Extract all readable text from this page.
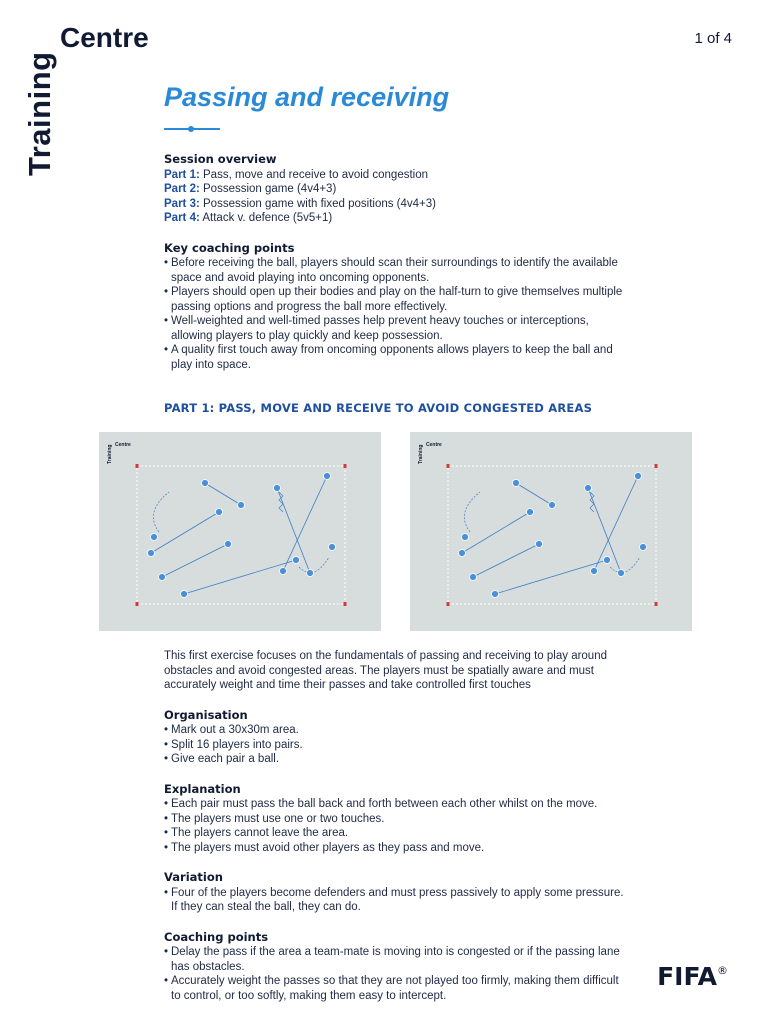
Training
Centre	1 of 4
Passing and receiving
Session overview
Part 1: Pass, move and receive to avoid congestion
Part 2: Possession game (4v4+3)
Part 3: Possession game with fixed positions (4v4+3)
Part 4: Attack v. defence (5v5+1)
Key coaching points
• Before receiving the ball, players should scan their surroundings to identify the available space and avoid playing into oncoming opponents.
• Players should open up their bodies and play on the half-turn to give themselves multiple passing options and progress the ball more effectively.
• Well-weighted and well-timed passes help prevent heavy touches or interceptions, allowing players to play quickly and keep possession.
• A quality first touch away from oncoming opponents allows players to keep the ball and play into space.
PART 1: PASS, MOVE AND RECEIVE TO AVOID CONGESTED AREAS
Training Centre	Training Centre
This first exercise focuses on the fundamentals of passing and receiving to play around obstacles and avoid congested areas. The players must be spatially aware and must accurately weight and time their passes and take controlled first touches
Organisation
• Mark out a 30x30m area.
• Split 16 players into pairs.
• Give each pair a ball.
Explanation
• Each pair must pass the ball back and forth between each other whilst on the move.
• The players must use one or two touches.
• The players cannot leave the area.
• The players must avoid other players as they pass and move.
Variation
• Four of the players become defenders and must press passively to apply some pressure. If they can steal the ball, they can do.
Coaching points
• Delay the pass if the area a team-mate is moving into is congested or if the passing lane has obstacles.
• Accurately weight the passes so that they are not played too firmly, making them difficult to control, or too softly, making them easy to intercept.
FIFA®
